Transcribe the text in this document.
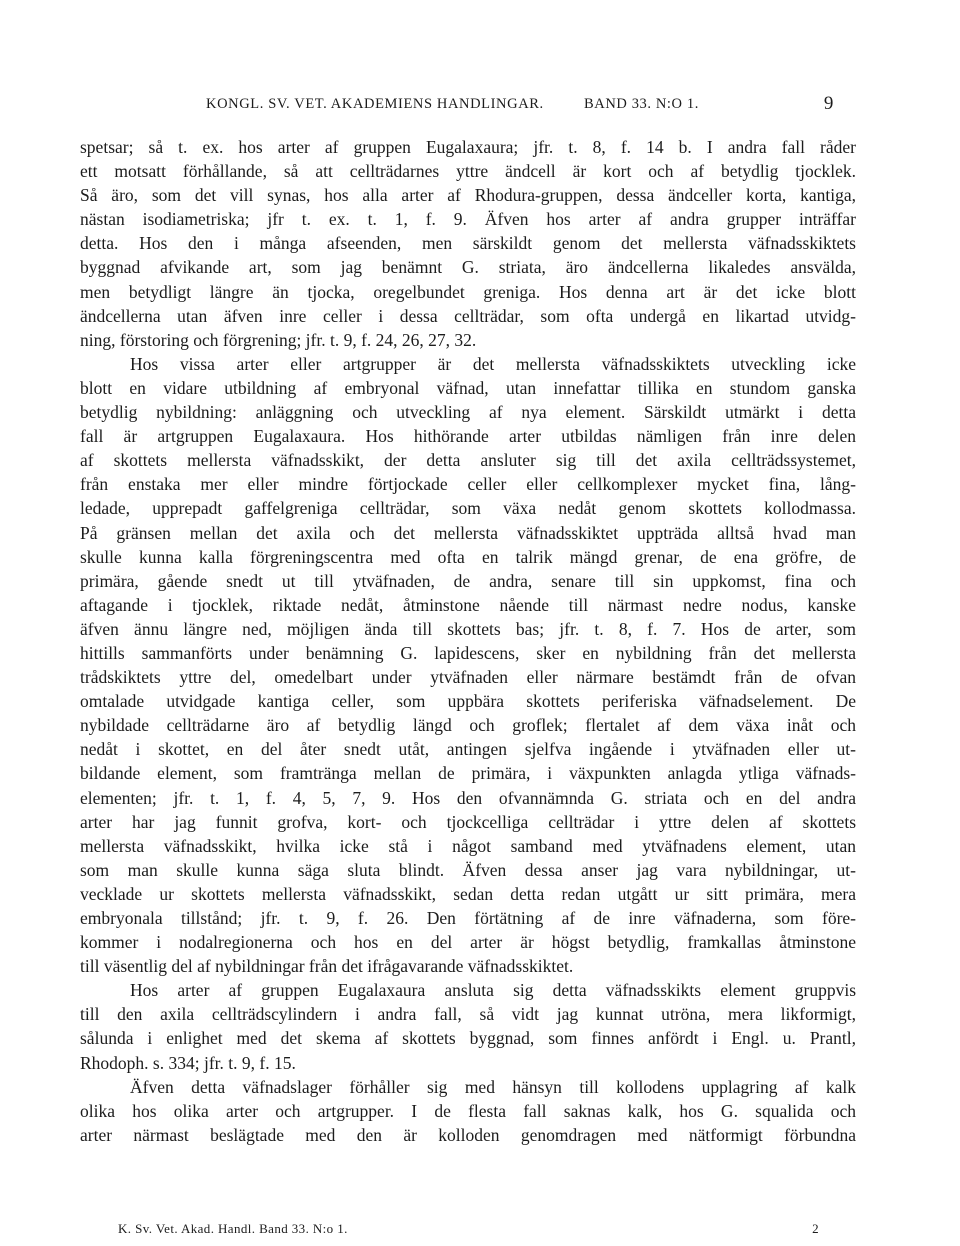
KONGL. SV. VET. AKADEMIENS HANDLINGAR.	BAND 33. N:O 1.	9
spetsar; så t. ex. hos arter af gruppen Eugalaxaura; jfr. t. 8, f. 14 b. I andra fall råder
ett motsatt förhållande, så att cellträdarnes yttre ändcell är kort och af betydlig tjocklek.
Så äro, som det vill synas, hos alla arter af Rhodura-gruppen, dessa ändceller korta, kantiga,
nästan isodiametriska; jfr t. ex. t. 1, f. 9. Äfven hos arter af andra grupper inträffar
detta. Hos den i många afseenden, men särskildt genom det mellersta väfnadsskiktets
byggnad afvikande art, som jag benämnt G. striata, äro ändcellerna likaledes ansvälda,
men betydligt längre än tjocka, oregelbundet greniga. Hos denna art är det icke blott
ändcellerna utan äfven inre celler i dessa cellträdar, som ofta undergå en likartad utvidg-
ning, förstoring och förgrening; jfr. t. 9, f. 24, 26, 27, 32.
Hos vissa arter eller artgrupper är det mellersta väfnadsskiktets utveckling icke
blott en vidare utbildning af embryonal väfnad, utan innefattar tillika en stundom ganska
betydlig nybildning: anläggning och utveckling af nya element. Särskildt utmärkt i detta
fall är artgruppen Eugalaxaura. Hos hithörande arter utbildas nämligen från inre delen
af skottets mellersta väfnadsskikt, der detta ansluter sig till det axila cellträdssystemet,
från enstaka mer eller mindre förtjockade celler eller cellkomplexer mycket fina, lång-
ledade, upprepadt gaffelgreniga cellträdar, som växa nedåt genom skottets kollodmassa.
På gränsen mellan det axila och det mellersta väfnadsskiktet uppträda alltså hvad man
skulle kunna kalla förgreningscentra med ofta en talrik mängd grenar, de ena gröfre, de
primära, gående snedt ut till ytväfnaden, de andra, senare till sin uppkomst, fina och
aftagande i tjocklek, riktade nedåt, åtminstone nående till närmast nedre nodus, kanske
äfven ännu längre ned, möjligen ända till skottets bas; jfr. t. 8, f. 7. Hos de arter, som
hittills sammanförts under benämning G. lapidescens, sker en nybildning från det mellersta
trådskiktets yttre del, omedelbart under ytväfnaden eller närmare bestämdt från de ofvan
omtalade utvidgade kantiga celler, som uppbära skottets periferiska väfnadselement. De
nybildade cellträdarne äro af betydlig längd och groflek; flertalet af dem växa inåt och
nedåt i skottet, en del åter snedt utåt, antingen sjelfva ingående i ytväfnaden eller ut-
bildande element, som framtränga mellan de primära, i växpunkten anlagda ytliga väfnads-
elementen; jfr. t. 1, f. 4, 5, 7, 9. Hos den ofvannämnda G. striata och en del andra
arter har jag funnit grofva, kort- och tjockcelliga cellträdar i yttre delen af skottets
mellersta väfnadsskikt, hvilka icke stå i något samband med ytväfnadens element, utan
som man skulle kunna säga sluta blindt. Äfven dessa anser jag vara nybildningar, ut-
vecklade ur skottets mellersta väfnadsskikt, sedan detta redan utgått ur sitt primära, mera
embryonala tillstånd; jfr. t. 9, f. 26. Den förtätning af de inre väfnaderna, som före-
kommer i nodalregionerna och hos en del arter är högst betydlig, framkallas åtminstone
till väsentlig del af nybildningar från det ifrågavarande väfnadsskiktet.
Hos arter af gruppen Eugalaxaura ansluta sig detta väfnadsskikts element gruppvis
till den axila cellträdscylindern i andra fall, så vidt jag kunnat utröna, mera likformigt,
sålunda i enlighet med det skema af skottets byggnad, som finnes anfördt i Engl. u. Prantl,
Rhodoph. s. 334; jfr. t. 9, f. 15.
Äfven detta väfnadslager förhåller sig med hänsyn till kollodens upplagring af kalk
olika hos olika arter och artgrupper. I de flesta fall saknas kalk, hos G. squalida och
arter närmast beslägtade med den är kolloden genomdragen med nätformigt förbundna
K. Sv. Vet. Akad. Handl. Band 33. N:o 1.	2
